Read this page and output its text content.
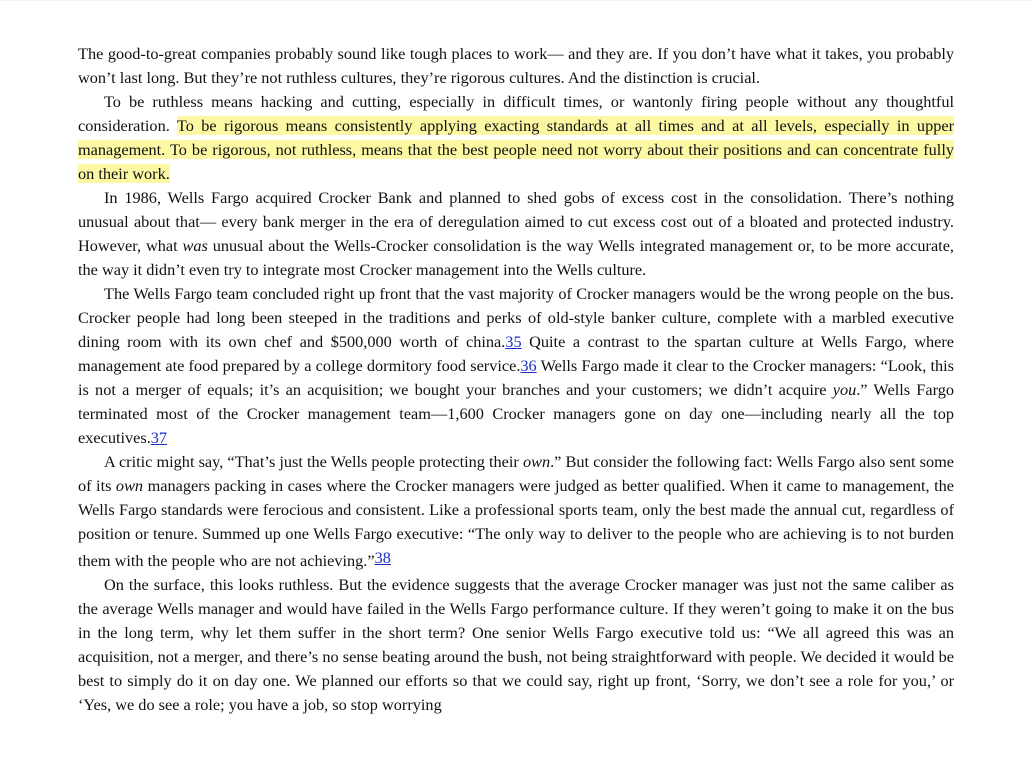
The good-to-great companies probably sound like tough places to work— and they are. If you don’t have what it takes, you probably won’t last long. But they’re not ruthless cultures, they’re rigorous cultures. And the distinction is crucial.

To be ruthless means hacking and cutting, especially in difficult times, or wantonly firing people without any thoughtful consideration. To be rigorous means consistently applying exacting standards at all times and at all levels, especially in upper management. To be rigorous, not ruthless, means that the best people need not worry about their positions and can concentrate fully on their work.

In 1986, Wells Fargo acquired Crocker Bank and planned to shed gobs of excess cost in the consolidation. There’s nothing unusual about that— every bank merger in the era of deregulation aimed to cut excess cost out of a bloated and protected industry. However, what was unusual about the Wells-Crocker consolidation is the way Wells integrated management or, to be more accurate, the way it didn’t even try to integrate most Crocker management into the Wells culture.

The Wells Fargo team concluded right up front that the vast majority of Crocker managers would be the wrong people on the bus. Crocker people had long been steeped in the traditions and perks of old-style banker culture, complete with a marbled executive dining room with its own chef and $500,000 worth of china.35 Quite a contrast to the spartan culture at Wells Fargo, where management ate food prepared by a college dormitory food service.36 Wells Fargo made it clear to the Crocker managers: “Look, this is not a merger of equals; it’s an acquisition; we bought your branches and your customers; we didn’t acquire you.” Wells Fargo terminated most of the Crocker management team—1,600 Crocker managers gone on day one—including nearly all the top executives.37

A critic might say, “That’s just the Wells people protecting their own.” But consider the following fact: Wells Fargo also sent some of its own managers packing in cases where the Crocker managers were judged as better qualified. When it came to management, the Wells Fargo standards were ferocious and consistent. Like a professional sports team, only the best made the annual cut, regardless of position or tenure. Summed up one Wells Fargo executive: “The only way to deliver to the people who are achieving is to not burden them with the people who are not achieving.”38

On the surface, this looks ruthless. But the evidence suggests that the average Crocker manager was just not the same caliber as the average Wells manager and would have failed in the Wells Fargo performance culture. If they weren’t going to make it on the bus in the long term, why let them suffer in the short term? One senior Wells Fargo executive told us: “We all agreed this was an acquisition, not a merger, and there’s no sense beating around the bush, not being straightforward with people. We decided it would be best to simply do it on day one. We planned our efforts so that we could say, right up front, ‘Sorry, we don’t see a role for you,’ or ‘Yes, we do see a role; you have a job, so stop worrying
